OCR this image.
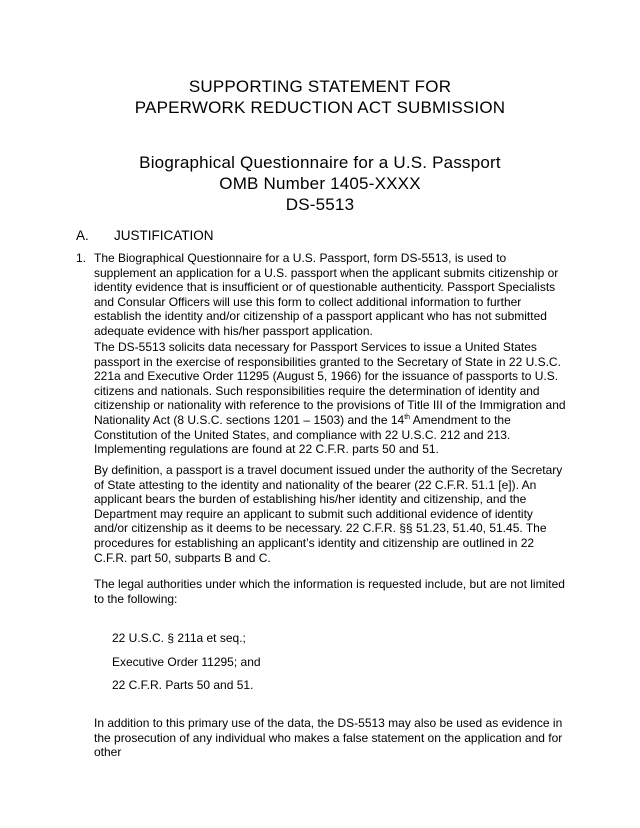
SUPPORTING STATEMENT FOR
PAPERWORK REDUCTION ACT SUBMISSION
Biographical Questionnaire for a U.S. Passport
OMB Number 1405-XXXX
DS-5513
A. JUSTIFICATION
1. The Biographical Questionnaire for a U.S. Passport, form DS-5513, is used to supplement an application for a U.S. passport when the applicant submits citizenship or identity evidence that is insufficient or of questionable authenticity. Passport Specialists and Consular Officers will use this form to collect additional information to further establish the identity and/or citizenship of a passport applicant who has not submitted adequate evidence with his/her passport application.
The DS-5513 solicits data necessary for Passport Services to issue a United States passport in the exercise of responsibilities granted to the Secretary of State in 22 U.S.C. 221a and Executive Order 11295 (August 5, 1966) for the issuance of passports to U.S. citizens and nationals. Such responsibilities require the determination of identity and citizenship or nationality with reference to the provisions of Title III of the Immigration and Nationality Act (8 U.S.C. sections 1201 – 1503) and the 14th Amendment to the Constitution of the United States, and compliance with 22 U.S.C. 212 and 213. Implementing regulations are found at 22 C.F.R. parts 50 and 51.
By definition, a passport is a travel document issued under the authority of the Secretary of State attesting to the identity and nationality of the bearer (22 C.F.R. 51.1 [e]). An applicant bears the burden of establishing his/her identity and citizenship, and the Department may require an applicant to submit such additional evidence of identity and/or citizenship as it deems to be necessary. 22 C.F.R. §§ 51.23, 51.40, 51.45. The procedures for establishing an applicant’s identity and citizenship are outlined in 22 C.F.R. part 50, subparts B and C.
The legal authorities under which the information is requested include, but are not limited to the following:
22 U.S.C. § 211a et seq.;
Executive Order 11295; and
22 C.F.R. Parts 50 and 51.
In addition to this primary use of the data, the DS-5513 may also be used as evidence in the prosecution of any individual who makes a false statement on the application and for other
